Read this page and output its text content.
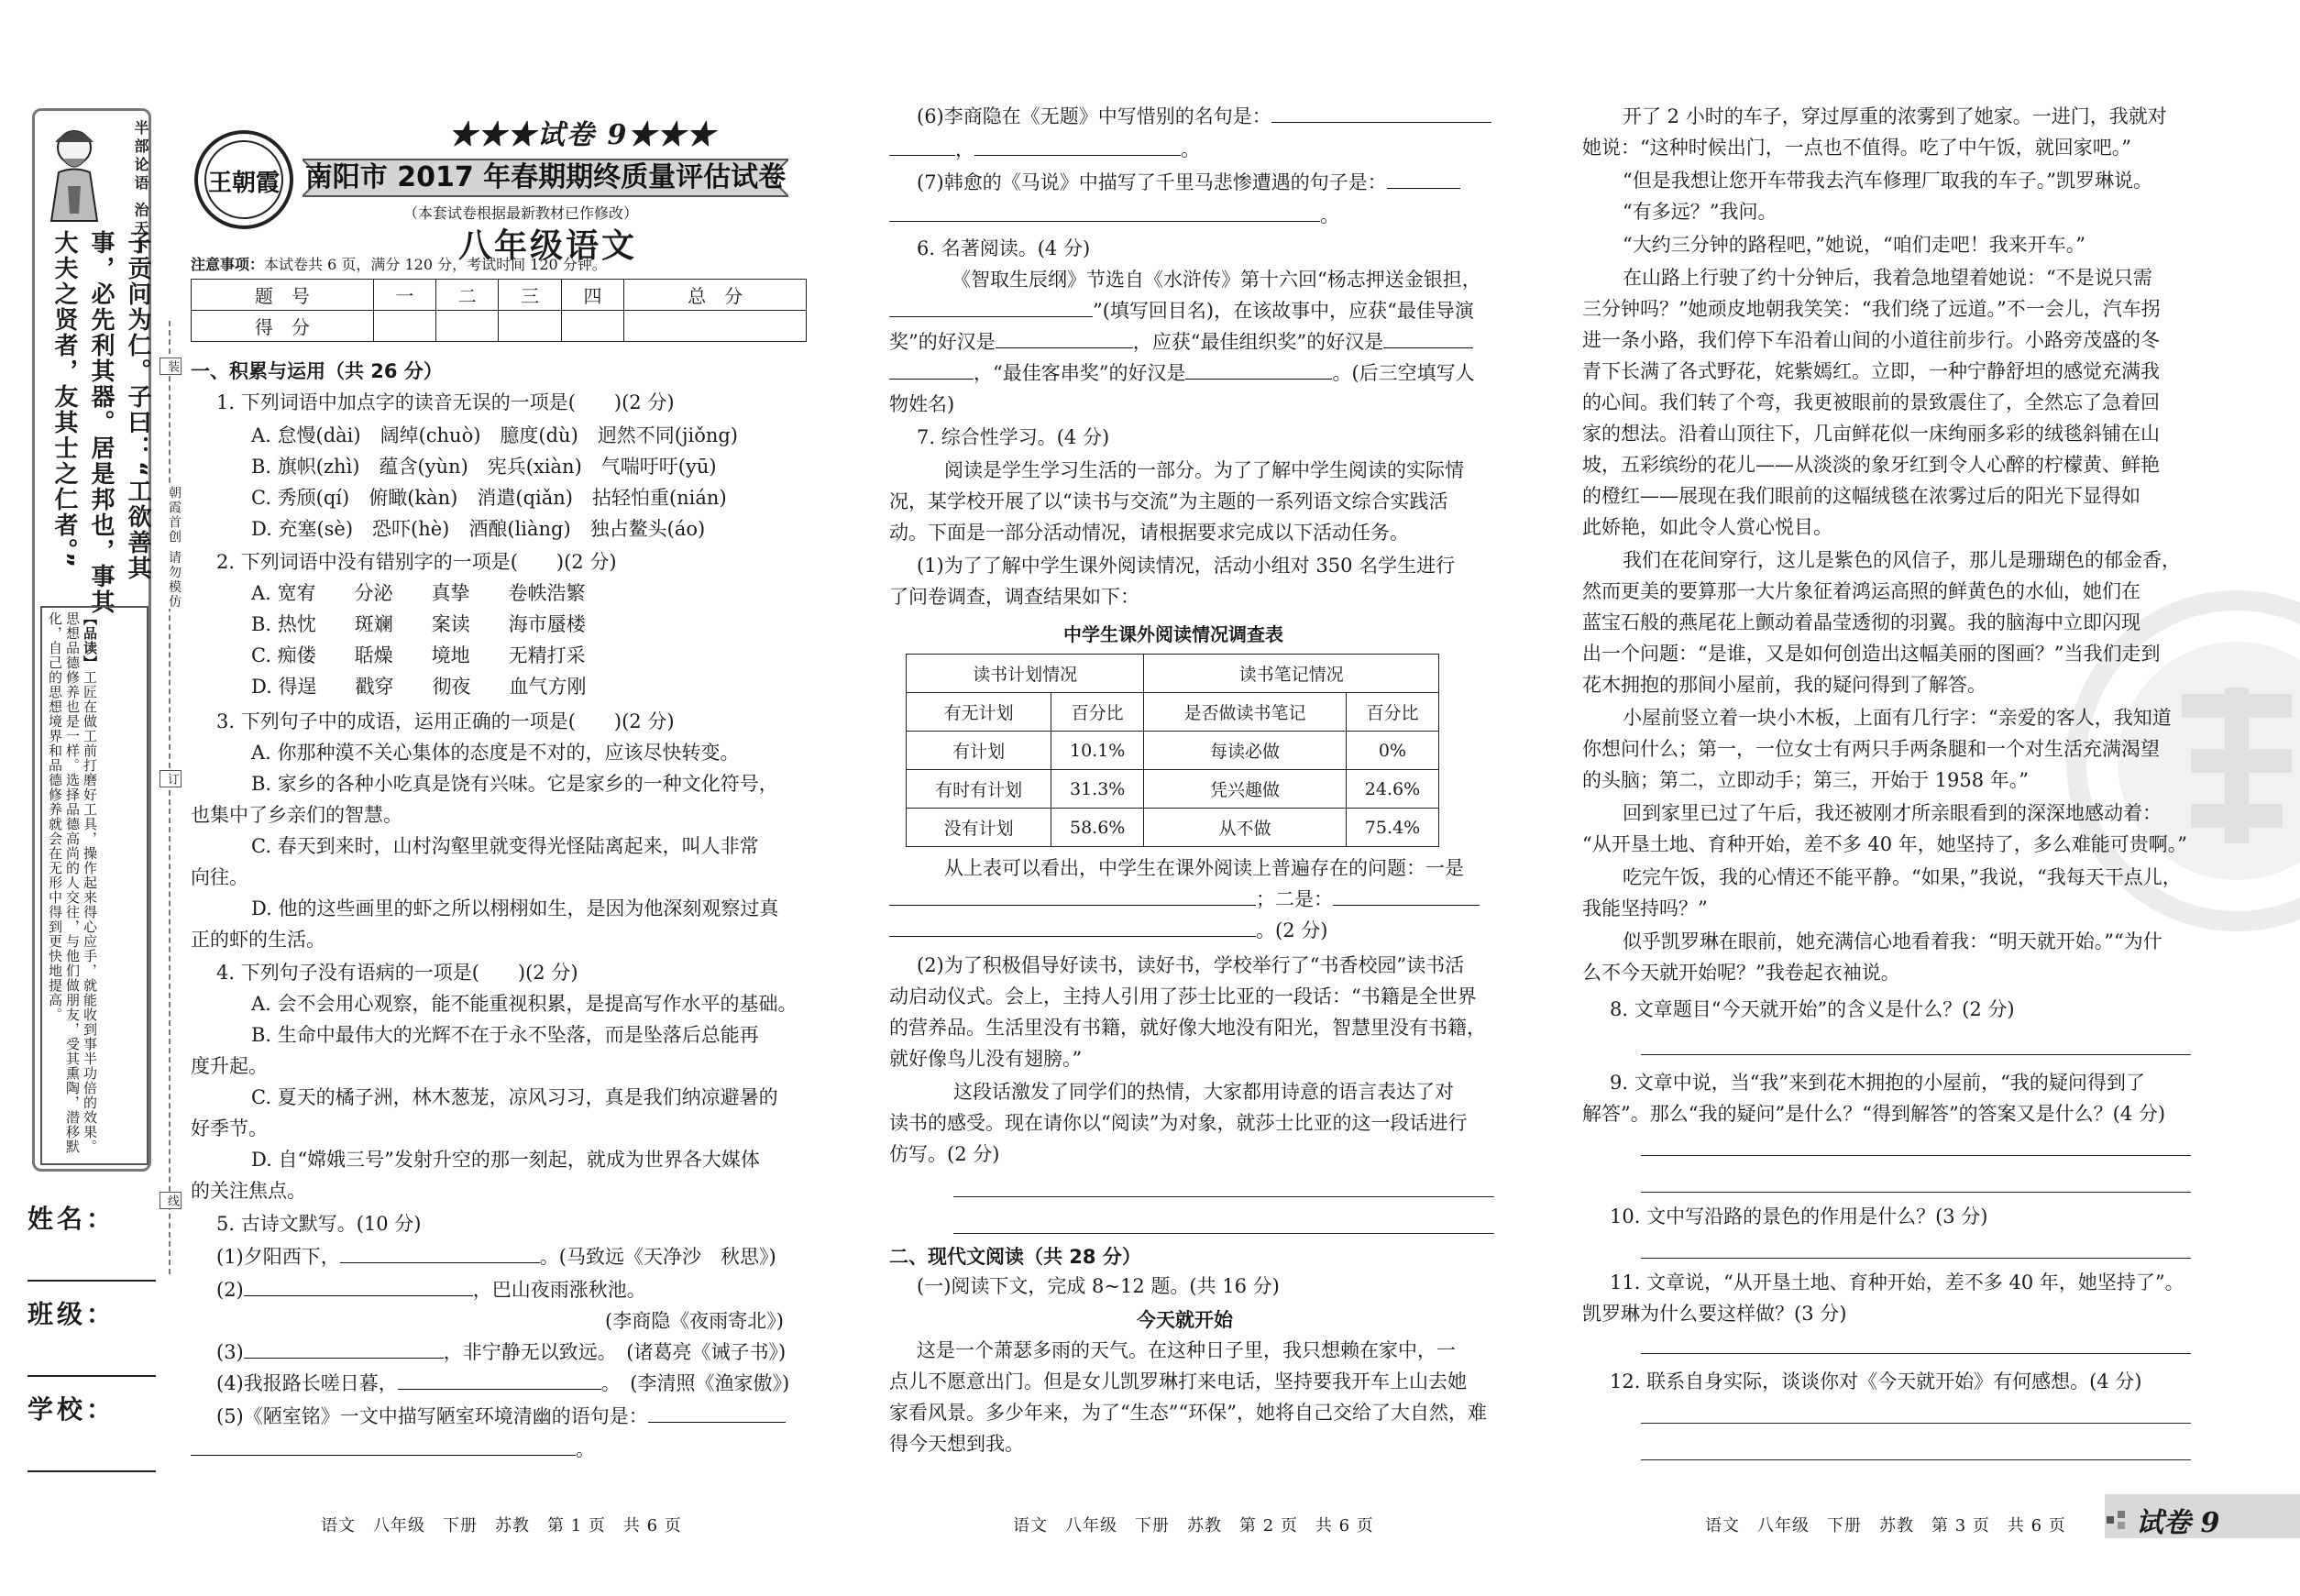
半部论语 治天下
子贡问为仁。子曰：“工欲善其事，必先利其器。居是邦也，事其大夫之贤者，友其士之仁者。”
【品读】工匠在做工前打磨好工具，操作起来得心应手，就能收到事半功倍的效果。思想品德修养也是一样。选择品德高尚的人交往，与他们做朋友，受其熏陶，潜移默化，自己的思想境界和品德修养就会在无形中得到更快地提高。
姓名：
班级：
学校：
装
朝霞首创 请勿模仿
订
线
王朝霞
★★★试卷 9★★★
南阳市 2017 年春期期终质量评估试卷
（本套试卷根据最新教材已作修改）
八年级语文
注意事项：本试卷共 6 页，满分 120 分，考试时间 120 分钟。
题　号	一	二	三	四	总　分
得　分					
一、积累与运用（共 26 分）
1. 下列词语中加点字的读音无误的一项是(　　)(2 分)
A. 怠慢(dài)　阔绰(chuò)　臆度(dù)　迥然不同(jiǒng)
B. 旗帜(zhì)　蕴含(yùn)　宪兵(xiàn)　气喘吁吁(yū)
C. 秀颀(qí)　俯瞰(kàn)　消遣(qiǎn)　拈轻怕重(nián)
D. 充塞(sè)　恐吓(hè)　酒酿(liàng)　独占鳌头(áo)
2. 下列词语中没有错别字的一项是(　　)(2 分)
A. 宽宥　　分泌　　真挚　　卷帙浩繁
B. 热忱　　斑斓　　案读　　海市蜃楼
C. 痴偻　　聒燥　　境地　　无精打采
D. 得逞　　戳穿　　彻夜　　血气方刚
3. 下列句子中的成语，运用正确的一项是(　　)(2 分)
A. 你那种漠不关心集体的态度是不对的，应该尽快转变。
B. 家乡的各种小吃真是饶有兴味。它是家乡的一种文化符号，
也集中了乡亲们的智慧。
C. 春天到来时，山村沟壑里就变得光怪陆离起来，叫人非常
向往。
D. 他的这些画里的虾之所以栩栩如生，是因为他深刻观察过真
正的虾的生活。
4. 下列句子没有语病的一项是(　　)(2 分)
A. 会不会用心观察，能不能重视积累，是提高写作水平的基础。
B. 生命中最伟大的光辉不在于永不坠落，而是坠落后总能再
度升起。
C. 夏天的橘子洲，林木葱茏，凉风习习，真是我们纳凉避暑的
好季节。
D. 自“嫦娥三号”发射升空的那一刻起，就成为世界各大媒体
的关注焦点。
5. 古诗文默写。(10 分)
(1)夕阳西下，	。(马致远《天净沙　秋思》)
(2)	，巴山夜雨涨秋池。
(李商隐《夜雨寄北》)
(3)	，非宁静无以致远。　(诸葛亮《诫子书》)
(4)我报路长嗟日暮，	。　(李清照《渔家傲》)
(5)《陋室铭》一文中描写陋室环境清幽的语句是：
。
(6)李商隐在《无题》中写惜别的名句是：
，	。
(7)韩愈的《马说》中描写了千里马悲惨遭遇的句子是：
。
6. 名著阅读。(4 分)
《智取生辰纲》节选自《水浒传》第十六回“杨志押送金银担，
”(填写回目名)，在该故事中，应获“最佳导演
奖”的好汉是	，应获“最佳组织奖”的好汉是
，“最佳客串奖”的好汉是	。(后三空填写人
物姓名)
7. 综合性学习。(4 分)
阅读是学生学习生活的一部分。为了了解中学生阅读的实际情
况，某学校开展了以“读书与交流”为主题的一系列语文综合实践活
动。下面是一部分活动情况，请根据要求完成以下活动任务。
(1)为了了解中学生课外阅读情况，活动小组对 350 名学生进行
了问卷调查，调查结果如下：
中学生课外阅读情况调查表
读书计划情况		读书笔记情况	
有无计划	百分比	是否做读书笔记	百分比
有计划	10.1%	每读必做	0%
有时有计划	31.3%	凭兴趣做	24.6%
没有计划	58.6%	从不做	75.4%
从上表可以看出，中学生在课外阅读上普遍存在的问题：一是
；二是：
。(2 分)
(2)为了积极倡导好读书，读好书，学校举行了“书香校园”读书活
动启动仪式。会上，主持人引用了莎士比亚的一段话：“书籍是全世界
的营养品。生活里没有书籍，就好像大地没有阳光，智慧里没有书籍，
就好像鸟儿没有翅膀。”
这段话激发了同学们的热情，大家都用诗意的语言表达了对
读书的感受。现在请你以“阅读”为对象，就莎士比亚的这一段话进行
仿写。(2 分)
二、现代文阅读（共 28 分）
(一)阅读下文，完成 8~12 题。(共 16 分)
今天就开始
这是一个萧瑟多雨的天气。在这种日子里，我只想赖在家中，一
点儿不愿意出门。但是女儿凯罗琳打来电话，坚持要我开车上山去她
家看风景。多少年来，为了“生态”“环保”，她将自己交给了大自然，难
得今天想到我。
开了 2 小时的车子，穿过厚重的浓雾到了她家。一进门，我就对
她说：“这种时候出门，一点也不值得。吃了中午饭，就回家吧。”
“但是我想让您开车带我去汽车修理厂取我的车子。”凯罗琳说。
“有多远？”我问。
“大约三分钟的路程吧，”她说，“咱们走吧！我来开车。”
在山路上行驶了约十分钟后，我着急地望着她说：“不是说只需
三分钟吗？”她顽皮地朝我笑笑：“我们绕了远道。”不一会儿，汽车拐
进一条小路，我们停下车沿着山间的小道往前步行。小路旁茂盛的冬
青下长满了各式野花，姹紫嫣红。立即，一种宁静舒坦的感觉充满我
的心间。我们转了个弯，我更被眼前的景致震住了，全然忘了急着回
家的想法。沿着山顶往下，几亩鲜花似一床绚丽多彩的绒毯斜铺在山
坡，五彩缤纷的花儿——从淡淡的象牙红到令人心醉的柠檬黄、鲜艳
的橙红——展现在我们眼前的这幅绒毯在浓雾过后的阳光下显得如
此娇艳，如此令人赏心悦目。
我们在花间穿行，这儿是紫色的风信子，那儿是珊瑚色的郁金香，
然而更美的要算那一大片象征着鸿运高照的鲜黄色的水仙，她们在
蓝宝石般的燕尾花上颤动着晶莹透彻的羽翼。我的脑海中立即闪现
出一个问题：“是谁，又是如何创造出这幅美丽的图画？”当我们走到
花木拥抱的那间小屋前，我的疑问得到了解答。
小屋前竖立着一块小木板，上面有几行字：“亲爱的客人，我知道
你想问什么；第一，一位女士有两只手两条腿和一个对生活充满渴望
的头脑；第二，立即动手；第三，开始于 1958 年。”
回到家里已过了午后，我还被刚才所亲眼看到的深深地感动着：
“从开垦土地、育种开始，差不多 40 年，她坚持了，多么难能可贵啊。”
吃完午饭，我的心情还不能平静。“如果，”我说，“我每天干点儿，
我能坚持吗？”
似乎凯罗琳在眼前，她充满信心地看着我：“明天就开始。”“为什
么不今天就开始呢？”我卷起衣袖说。
8. 文章题目“今天就开始”的含义是什么？(2 分)
9. 文章中说，当“我”来到花木拥抱的小屋前，“我的疑问得到了
解答”。那么“我的疑问”是什么？“得到解答”的答案又是什么？(4 分)
10. 文中写沿路的景色的作用是什么？(3 分)
11. 文章说，“从开垦土地、育种开始，差不多 40 年，她坚持了”。
凯罗琳为什么要这样做？(3 分)
12. 联系自身实际，谈谈你对《今天就开始》有何感想。(4 分)
语文　八年级　下册　苏教　第 1 页　共 6 页	语文　八年级　下册　苏教　第 2 页　共 6 页	语文　八年级　下册　苏教　第 3 页　共 6 页	试卷 9
